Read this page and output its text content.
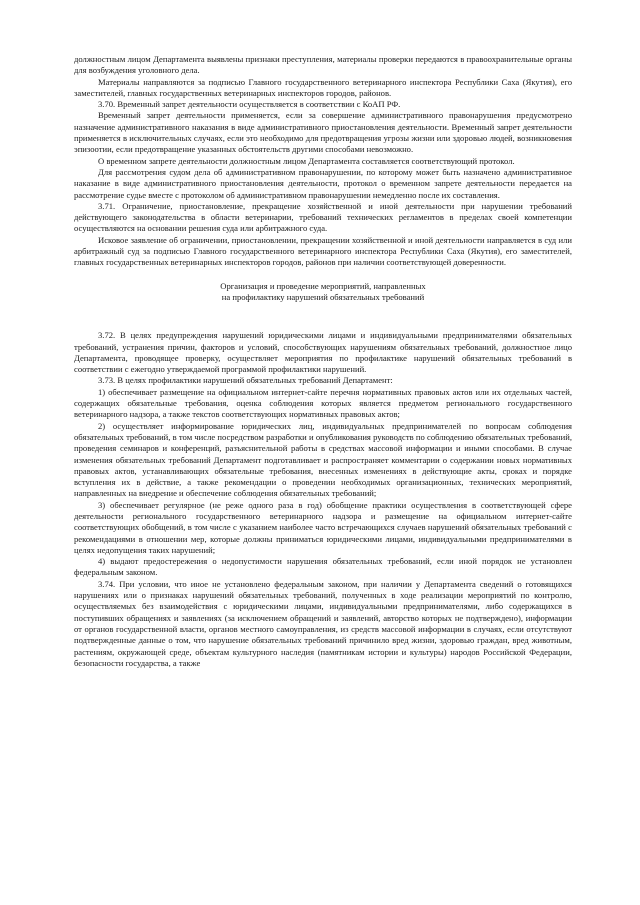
должностным лицом Департамента выявлены признаки преступления, материалы проверки передаются в правоохранительные органы для возбуждения уголовного дела.

Материалы направляются за подписью Главного государственного ветеринарного инспектора Республики Саха (Якутия), его заместителей, главных государственных ветеринарных инспекторов городов, районов.

3.70. Временный запрет деятельности осуществляется в соответствии с КоАП РФ.

Временный запрет деятельности применяется, если за совершение административного правонарушения предусмотрено назначение административного наказания в виде административного приостановления деятельности. Временный запрет деятельности применяется в исключительных случаях, если это необходимо для предотвращения угрозы жизни или здоровью людей, возникновения эпизоотии, если предотвращение указанных обстоятельств другими способами невозможно.

О временном запрете деятельности должностным лицом Департамента составляется соответствующий протокол.

Для рассмотрения судом дела об административном правонарушении, по которому может быть назначено административное наказание в виде административного приостановления деятельности, протокол о временном запрете деятельности передается на рассмотрение судье вместе с протоколом об административном правонарушении немедленно после их составления.

3.71. Ограничение, приостановление, прекращение хозяйственной и иной деятельности при нарушении требований действующего законодательства в области ветеринарии, требований технических регламентов в пределах своей компетенции осуществляются на основании решения суда или арбитражного суда.

Исковое заявление об ограничении, приостановлении, прекращении хозяйственной и иной деятельности направляется в суд или арбитражный суд за подписью Главного государственного ветеринарного инспектора Республики Саха (Якутия), его заместителей, главных государственных ветеринарных инспекторов городов, районов при наличии соответствующей доверенности.

Организация и проведение мероприятий, направленных
на профилактику нарушений обязательных требований

3.72. В целях предупреждения нарушений юридическими лицами и индивидуальными предпринимателями обязательных требований, устранения причин, факторов и условий, способствующих нарушениям обязательных требований, должностное лицо Департамента, проводящее проверку, осуществляет мероприятия по профилактике нарушений обязательных требований в соответствии с ежегодно утверждаемой программой профилактики нарушений.

3.73. В целях профилактики нарушений обязательных требований Департамент:

1) обеспечивает размещение на официальном интернет-сайте перечня нормативных правовых актов или их отдельных частей, содержащих обязательные требования, оценка соблюдения которых является предметом регионального государственного ветеринарного надзора, а также текстов соответствующих нормативных правовых актов;

2) осуществляет информирование юридических лиц, индивидуальных предпринимателей по вопросам соблюдения обязательных требований, в том числе посредством разработки и опубликования руководств по соблюдению обязательных требований, проведения семинаров и конференций, разъяснительной работы в средствах массовой информации и иными способами. В случае изменения обязательных требований Департамент подготавливает и распространяет комментарии о содержании новых нормативных правовых актов, устанавливающих обязательные требования, внесенных изменениях в действующие акты, сроках и порядке вступления их в действие, а также рекомендации о проведении необходимых организационных, технических мероприятий, направленных на внедрение и обеспечение соблюдения обязательных требований;

3) обеспечивает регулярное (не реже одного раза в год) обобщение практики осуществления в соответствующей сфере деятельности регионального государственного ветеринарного надзора и размещение на официальном интернет-сайте соответствующих обобщений, в том числе с указанием наиболее часто встречающихся случаев нарушений обязательных требований с рекомендациями в отношении мер, которые должны приниматься юридическими лицами, индивидуальными предпринимателями в целях недопущения таких нарушений;

4) выдают предостережения о недопустимости нарушения обязательных требований, если иной порядок не установлен федеральным законом.

3.74. При условии, что иное не установлено федеральным законом, при наличии у Департамента сведений о готовящихся нарушениях или о признаках нарушений обязательных требований, полученных в ходе реализации мероприятий по контролю, осуществляемых без взаимодействия с юридическими лицами, индивидуальными предпринимателями, либо содержащихся в поступивших обращениях и заявлениях (за исключением обращений и заявлений, авторство которых не подтверждено), информации от органов государственной власти, органов местного самоуправления, из средств массовой информации в случаях, если отсутствуют подтвержденные данные о том, что нарушение обязательных требований причинило вред жизни, здоровью граждан, вред животным, растениям, окружающей среде, объектам культурного наследия (памятникам истории и культуры) народов Российской Федерации, безопасности государства, а также
